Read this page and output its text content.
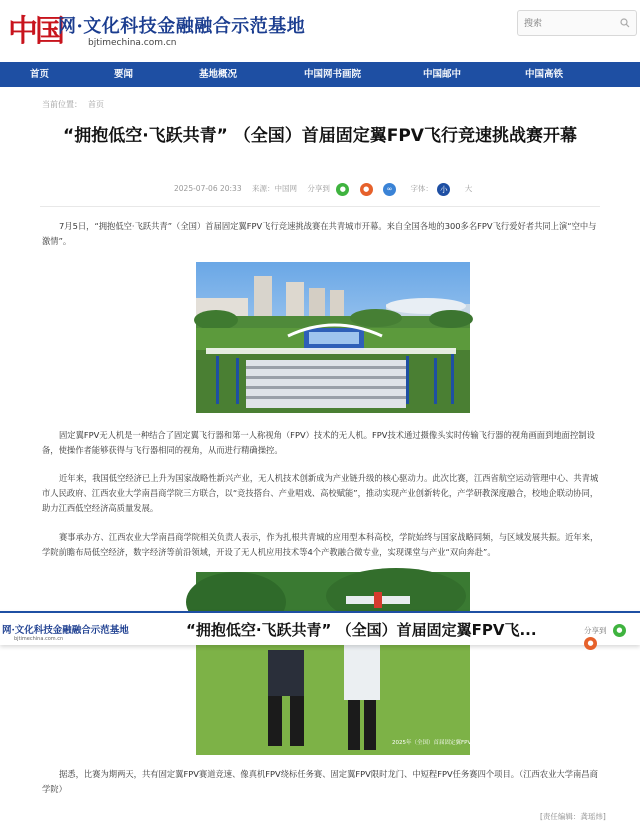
中国
网·文化科技金融融合示范基地
bjtimechina.com.cn
搜索
首页	要闻	基地概况	中国网书画院	中国邮中	中国高铁
当前位置： 首页
“拥抱低空·飞跃共青” （全国）首届固定翼FPV飞行竞速挑战赛开幕
2025-07-06 20:33 来源：中国网 分享到 ● ● ∞ 字体： 小 大
7月5日，“拥抱低空·飞跃共青”（全国）首届固定翼FPV飞行竞速挑战赛在共青城市开幕。来自全国各地的300多名FPV飞行爱好者共同上演“空中与激情”。
固定翼FPV无人机是一种结合了固定翼飞行器和第一人称视角（FPV）技术的无人机。FPV技术通过摄像头实时传输飞行器的视角画面到地面控制设备，使操作者能够获得与飞行器相同的视角，从而进行精确操控。
近年来，我国低空经济已上升为国家战略性新兴产业，无人机技术创新成为产业链升级的核心驱动力。此次比赛，江西省航空运动管理中心、共青城市人民政府、江西农业大学南昌商学院三方联合，以“竞技搭台、产业唱戏、高校赋能”，推动实现产业创新转化，产学研教深度融合，校地企联动协同，助力江西低空经济高质量发展。
赛事承办方、江西农业大学南昌商学院相关负责人表示，作为扎根共青城的应用型本科高校，学院始终与国家战略同频，与区域发展共振。近年来，学院前瞻布局低空经济，数字经济等前沿领域，开设了无人机应用技术等4个产教融合微专业，实现课堂与产业“双向奔赴”。
2025年（全国）首届固定翼FPV飞行竞速挑战赛
据悉，比赛为期两天，共有固定翼FPV赛道竞速、像真机FPV绕标任务赛、固定翼FPV限时龙门、中短程FPV任务赛四个项目。（江西农业大学南昌商学院）
[责任编辑：龚瑶炜]
网·文化科技金融融合示范基地
bjtimechina.com.cn	“拥抱低空·飞跃共青” （全国）首届固定翼FPV飞...	分享到 ● ●
